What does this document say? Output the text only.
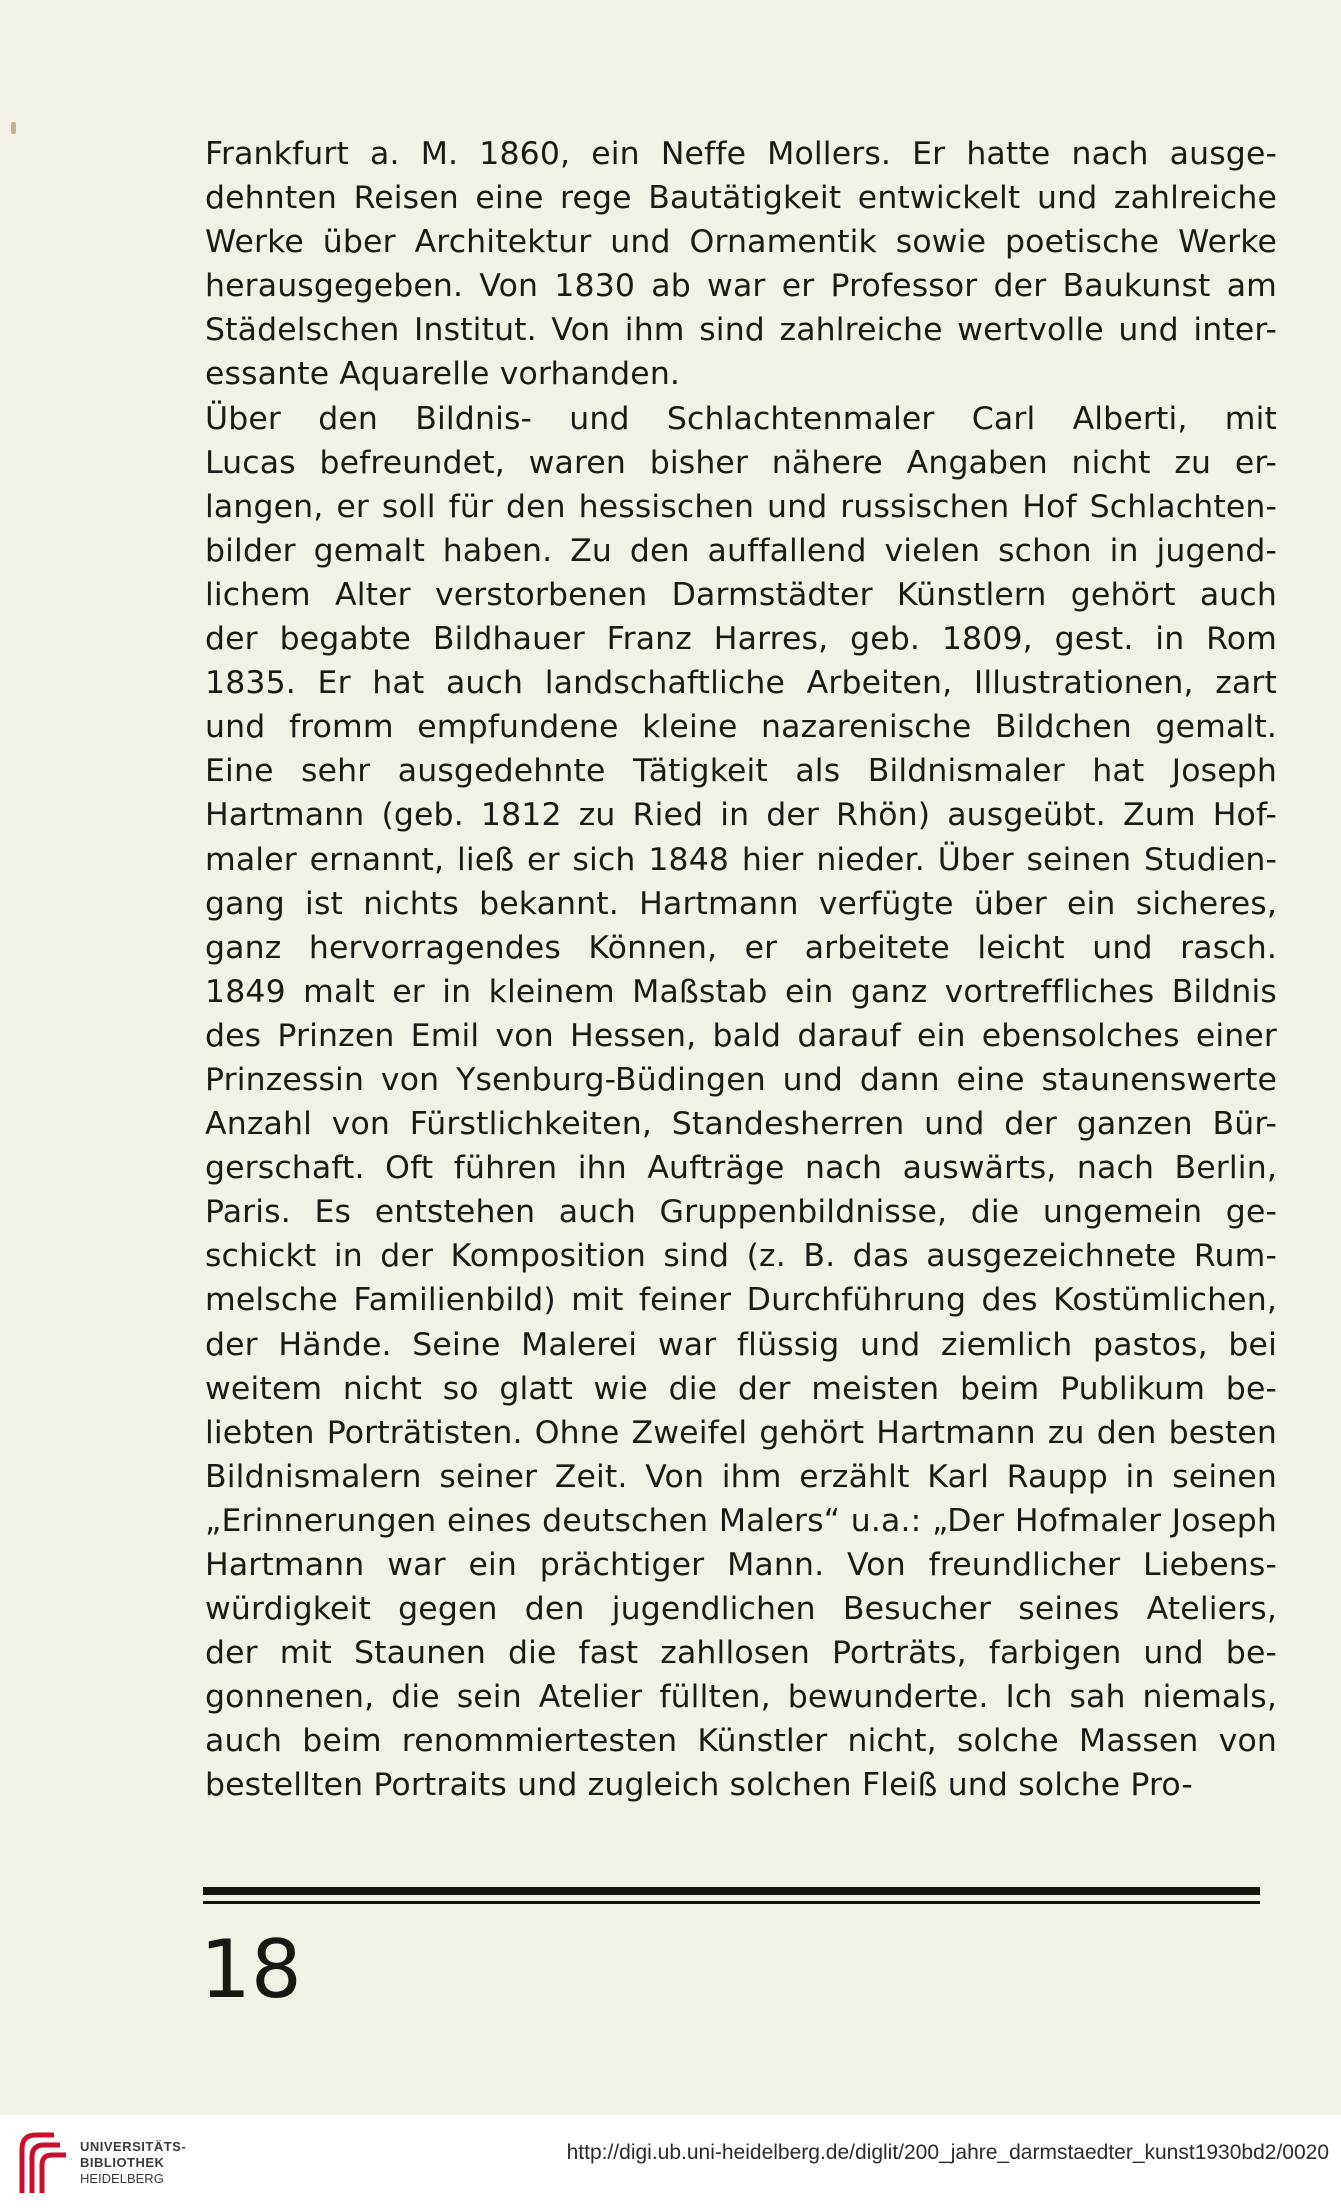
Frankfurt a. M. 1860, ein Neffe Mollers. Er hatte nach ausge-
dehnten Reisen eine rege Bautätigkeit entwickelt und zahlreiche
Werke über Architektur und Ornamentik sowie poetische Werke
herausgegeben. Von 1830 ab war er Professor der Baukunst am
Städelschen Institut. Von ihm sind zahlreiche wertvolle und inter-
essante Aquarelle vorhanden.
Über den Bildnis- und Schlachtenmaler Carl Alberti, mit
Lucas befreundet, waren bisher nähere Angaben nicht zu er-
langen, er soll für den hessischen und russischen Hof Schlachten-
bilder gemalt haben. Zu den auffallend vielen schon in jugend-
lichem Alter verstorbenen Darmstädter Künstlern gehört auch
der begabte Bildhauer Franz Harres, geb. 1809, gest. in Rom
1835. Er hat auch landschaftliche Arbeiten, Illustrationen, zart
und fromm empfundene kleine nazarenische Bildchen gemalt.
Eine sehr ausgedehnte Tätigkeit als Bildnismaler hat Joseph
Hartmann (geb. 1812 zu Ried in der Rhön) ausgeübt. Zum Hof-
maler ernannt, ließ er sich 1848 hier nieder. Über seinen Studien-
gang ist nichts bekannt. Hartmann verfügte über ein sicheres,
ganz hervorragendes Können, er arbeitete leicht und rasch.
1849 malt er in kleinem Maßstab ein ganz vortreffliches Bildnis
des Prinzen Emil von Hessen, bald darauf ein ebensolches einer
Prinzessin von Ysenburg-Büdingen und dann eine staunenswerte
Anzahl von Fürstlichkeiten, Standesherren und der ganzen Bür-
gerschaft. Oft führen ihn Aufträge nach auswärts, nach Berlin,
Paris. Es entstehen auch Gruppenbildnisse, die ungemein ge-
schickt in der Komposition sind (z. B. das ausgezeichnete Rum-
melsche Familienbild) mit feiner Durchführung des Kostümlichen,
der Hände. Seine Malerei war flüssig und ziemlich pastos, bei
weitem nicht so glatt wie die der meisten beim Publikum be-
liebten Porträtisten. Ohne Zweifel gehört Hartmann zu den besten
Bildnismalern seiner Zeit. Von ihm erzählt Karl Raupp in seinen
„Erinnerungen eines deutschen Malers“ u.a.: „Der Hofmaler Joseph
Hartmann war ein prächtiger Mann. Von freundlicher Liebens-
würdigkeit gegen den jugendlichen Besucher seines Ateliers,
der mit Staunen die fast zahllosen Porträts, farbigen und be-
gonnenen, die sein Atelier füllten, bewunderte. Ich sah niemals,
auch beim renommiertesten Künstler nicht, solche Massen von
bestellten Portraits und zugleich solchen Fleiß und solche Pro-
18
UNIVERSITÄTS-
BIBLIOTHEK
HEIDELBERG
http://digi.ub.uni-heidelberg.de/diglit/200_jahre_darmstaedter_kunst1930bd2/0020
